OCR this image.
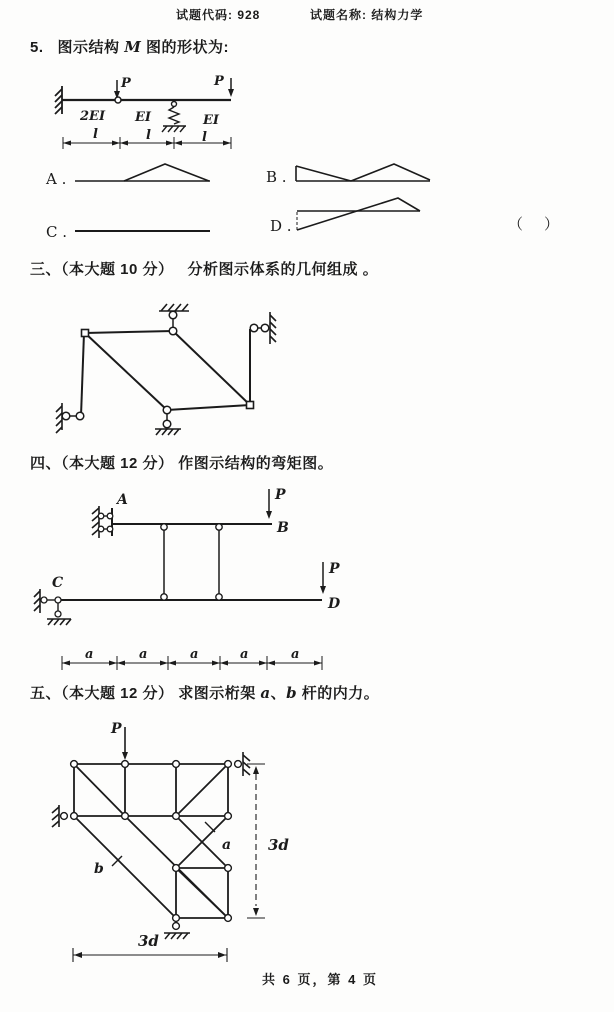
试题代码: 928	试题名称: 结构力学
5. 图示结构 M 图的形状为:
P	P
2EI EI	EI
l	l	l
A .	B .
C .	D .	（ ）
三、（本大题 10 分） 分析图示体系的几何组成 。
四、（本大题 12 分） 作图示结构的弯矩图。
A	P
B
C
P
D
a	a	a	a	a
五、（本大题 12 分） 求图示桁架 a、b 杆的内力。
P
a
b
3d
3d
共 6 页，第 4 页
